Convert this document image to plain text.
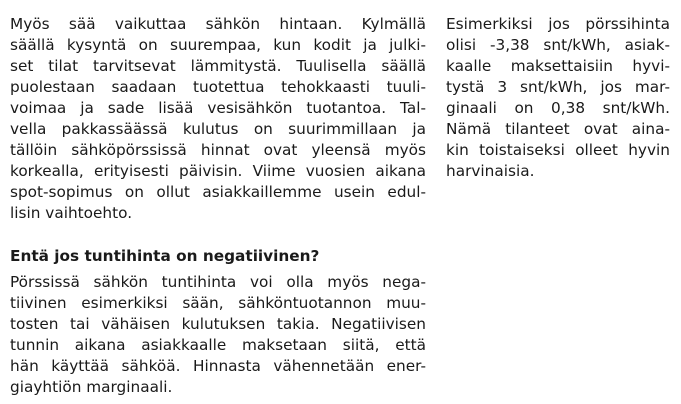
Myös sää vaikuttaa sähkön hintaan. Kylmällä
säällä kysyntä on suurempaa, kun kodit ja julki-
set tilat tarvitsevat lämmitystä. Tuulisella säällä
puolestaan saadaan tuotettua tehokkaasti tuuli-
voimaa ja sade lisää vesisähkön tuotantoa. Tal-
vella pakkassäässä kulutus on suurimmillaan ja
tällöin sähköpörssissä hinnat ovat yleensä myös
korkealla, erityisesti päivisin. Viime vuosien aikana
spot-sopimus on ollut asiakkaillemme usein edul-
lisin vaihtoehto.
Entä jos tuntihinta on negatiivinen?
Pörssissä sähkön tuntihinta voi olla myös nega-
tiivinen esimerkiksi sään, sähköntuotannon muu-
tosten tai vähäisen kulutuksen takia. Negatiivisen
tunnin aikana asiakkaalle maksetaan siitä, että
hän käyttää sähköä. Hinnasta vähennetään ener-
giayhtiön marginaali.
Esimerkiksi jos pörssihinta
olisi -3,38 snt/kWh, asiak-
kaalle maksettaisiin hyvi-
tystä 3 snt/kWh, jos mar-
ginaali on 0,38 snt/kWh.
Nämä tilanteet ovat aina-
kin toistaiseksi olleet hyvin
harvinaisia.
